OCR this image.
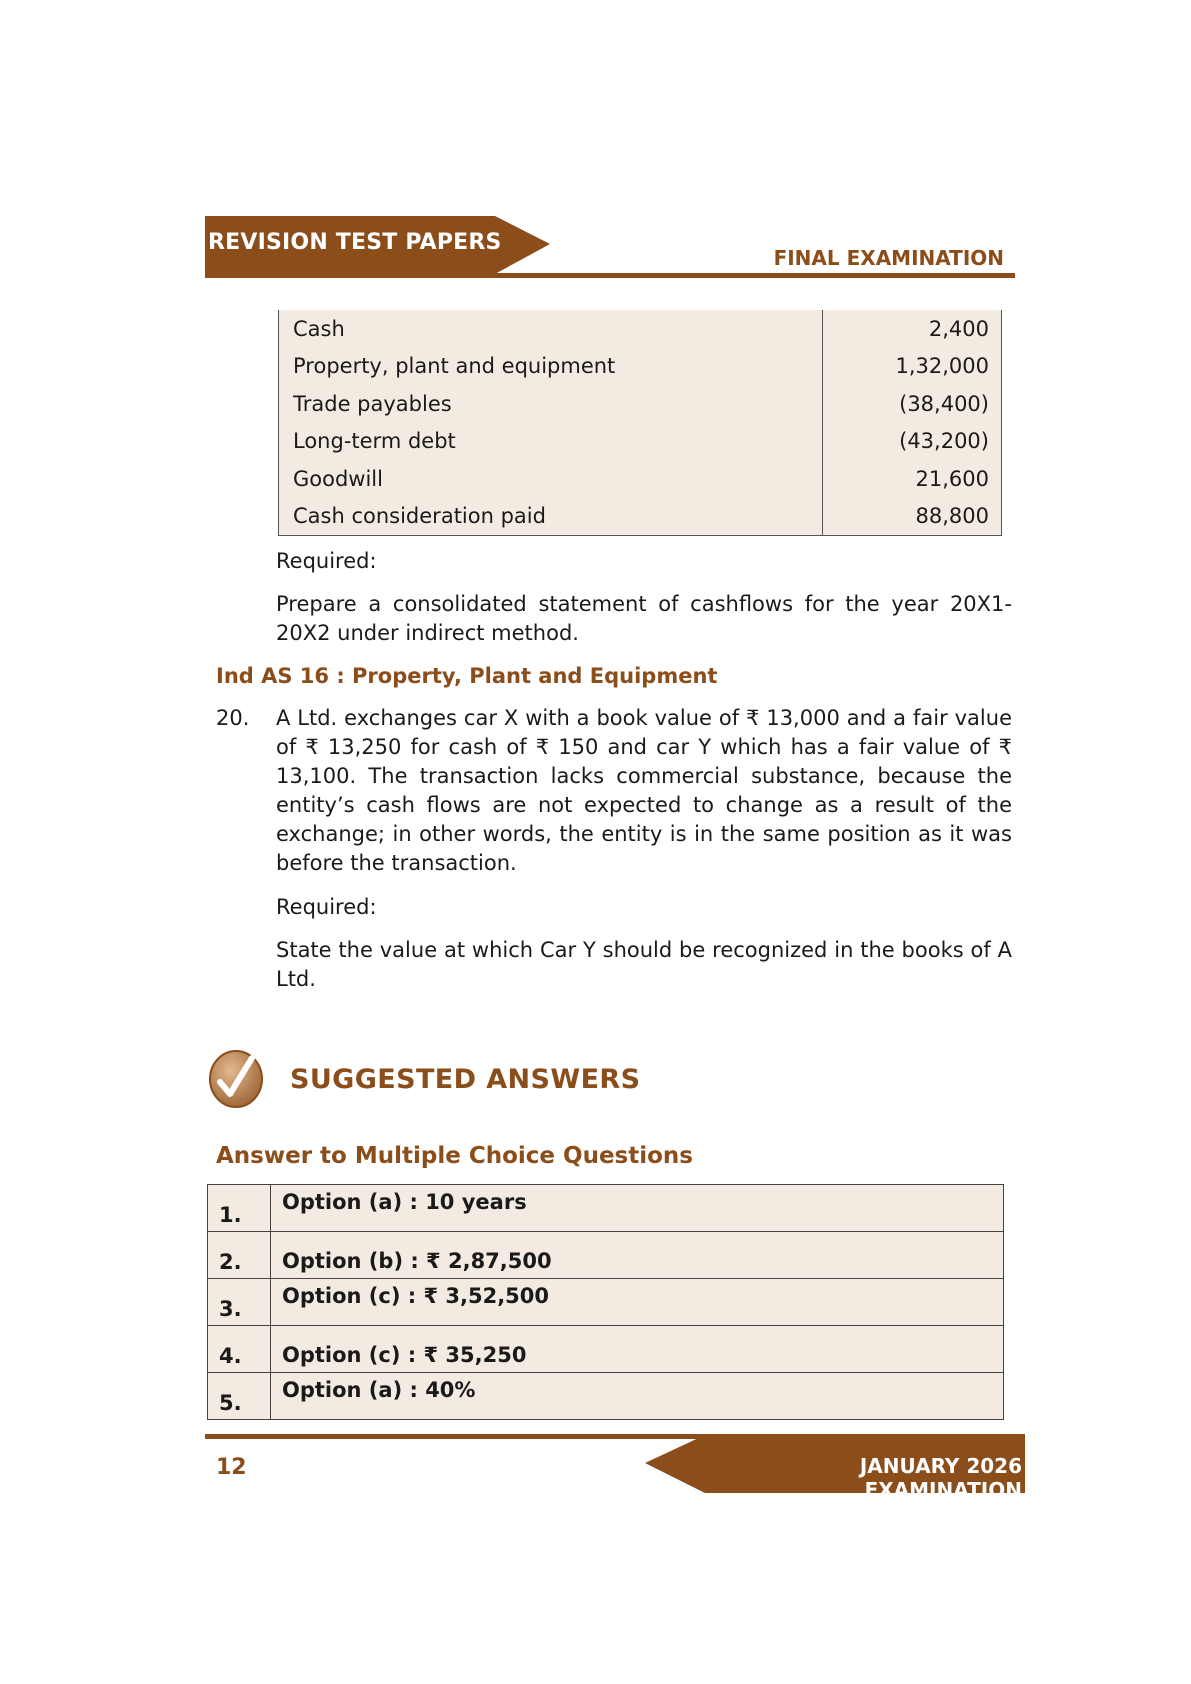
REVISION TEST PAPERS
FINAL EXAMINATION
Cash	2,400
Property, plant and equipment	1,32,000
Trade payables	(38,400)
Long-term debt	(43,200)
Goodwill	21,600
Cash consideration paid	88,800
Required:
Prepare a consolidated statement of cashflows for the year 20X1-20X2 under indirect method.
Ind AS 16 : Property, Plant and Equipment
20. A Ltd. exchanges car X with a book value of ₹ 13,000 and a fair value of ₹ 13,250 for cash of ₹ 150 and car Y which has a fair value of ₹ 13,100. The transaction lacks commercial substance, because the entity’s cash flows are not expected to change as a result of the exchange; in other words, the entity is in the same position as it was before the transaction.
Required:
State the value at which Car Y should be recognized in the books of A Ltd.
SUGGESTED ANSWERS
Answer to Multiple Choice Questions
1.	Option (a) : 10 years
2.	Option (b) : ₹ 2,87,500
3.	Option (c) : ₹ 3,52,500
4.	Option (c) : ₹ 35,250
5.	Option (a) : 40%
12	JANUARY 2026 EXAMINATION
